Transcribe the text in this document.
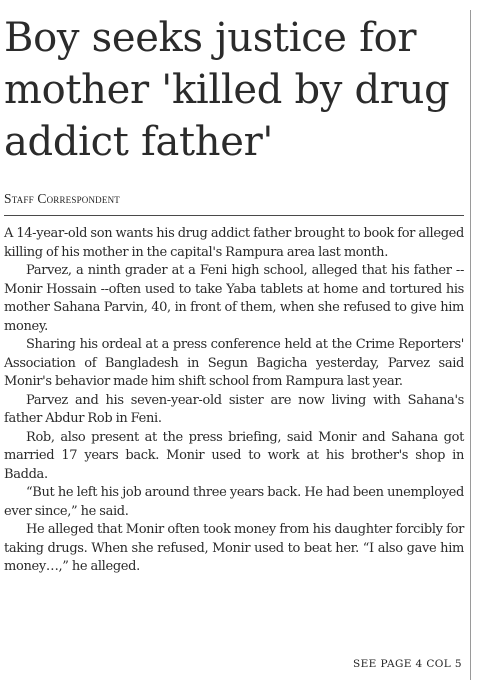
Boy seeks justice for mother 'killed by drug addict father'
Staff Correspondent

A 14-year-old son wants his drug addict father brought to book for alleged killing of his mother in the capital's Rampura area last month.

Parvez, a ninth grader at a Feni high school, alleged that his father -- Monir Hossain --often used to take Yaba tablets at home and tortured his mother Sahana Parvin, 40, in front of them, when she refused to give him money.

Sharing his ordeal at a press conference held at the Crime Reporters' Association of Bangladesh in Segun Bagicha yesterday, Parvez said Monir's behavior made him shift school from Rampura last year.

Parvez and his seven-year-old sister are now living with Sahana's father Abdur Rob in Feni.

Rob, also present at the press briefing, said Monir and Sahana got married 17 years back. Monir used to work at his brother's shop in Badda.

“But he left his job around three years back. He had been unemployed ever since,” he said.

He alleged that Monir often took money from his daughter forcibly for taking drugs. When she refused, Monir used to beat her. “I also gave him money…,” he alleged.

SEE PAGE 4 COL 5
